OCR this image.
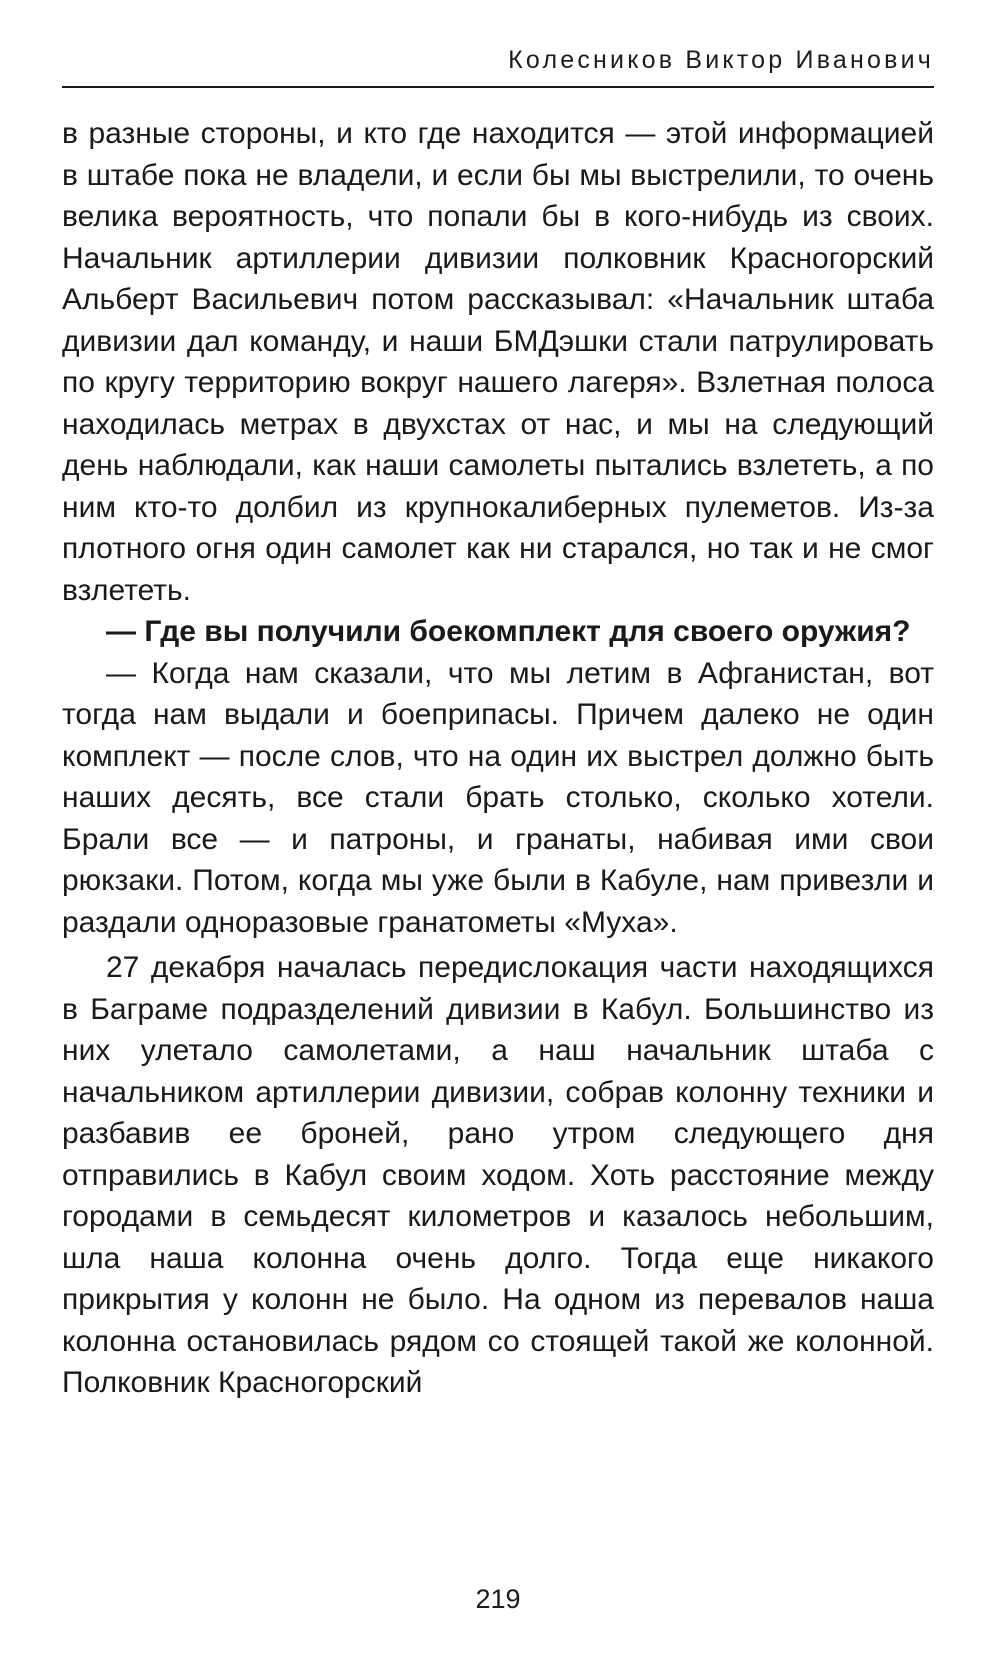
Колесников Виктор Иванович

в разные стороны, и кто где находится — этой информацией в штабе пока не владели, и если бы мы выстрелили, то очень велика вероятность, что попали бы в кого-нибудь из своих. Начальник артиллерии дивизии полковник Красногорский Альберт Васильевич потом рассказывал: «Начальник штаба дивизии дал команду, и наши БМДэшки стали патрулировать по кругу территорию вокруг нашего лагеря». Взлетная полоса находилась метрах в двухстах от нас, и мы на следующий день наблюдали, как наши самолеты пытались взлететь, а по ним кто-то долбил из крупнокалиберных пулеметов. Из-за плотного огня один самолет как ни старался, но так и не смог взлететь.

— Где вы получили боекомплект для своего оружия?

— Когда нам сказали, что мы летим в Афганистан, вот тогда нам выдали и боеприпасы. Причем далеко не один комплект — после слов, что на один их выстрел должно быть наших десять, все стали брать столько, сколько хотели. Брали все — и патроны, и гранаты, набивая ими свои рюкзаки. Потом, когда мы уже были в Кабуле, нам привезли и раздали одноразовые гранатометы «Муха».

27 декабря началась передислокация части находящихся в Баграме подразделений дивизии в Кабул. Большинство из них улетало самолетами, а наш начальник штаба с начальником артиллерии дивизии, собрав колонну техники и разбавив ее броней, рано утром следующего дня отправились в Кабул своим ходом. Хоть расстояние между городами в семьдесят километров и казалось небольшим, шла наша колонна очень долго. Тогда еще никакого прикрытия у колонн не было. На одном из перевалов наша колонна остановилась рядом со стоящей такой же колонной. Полковник Красногорский

219
